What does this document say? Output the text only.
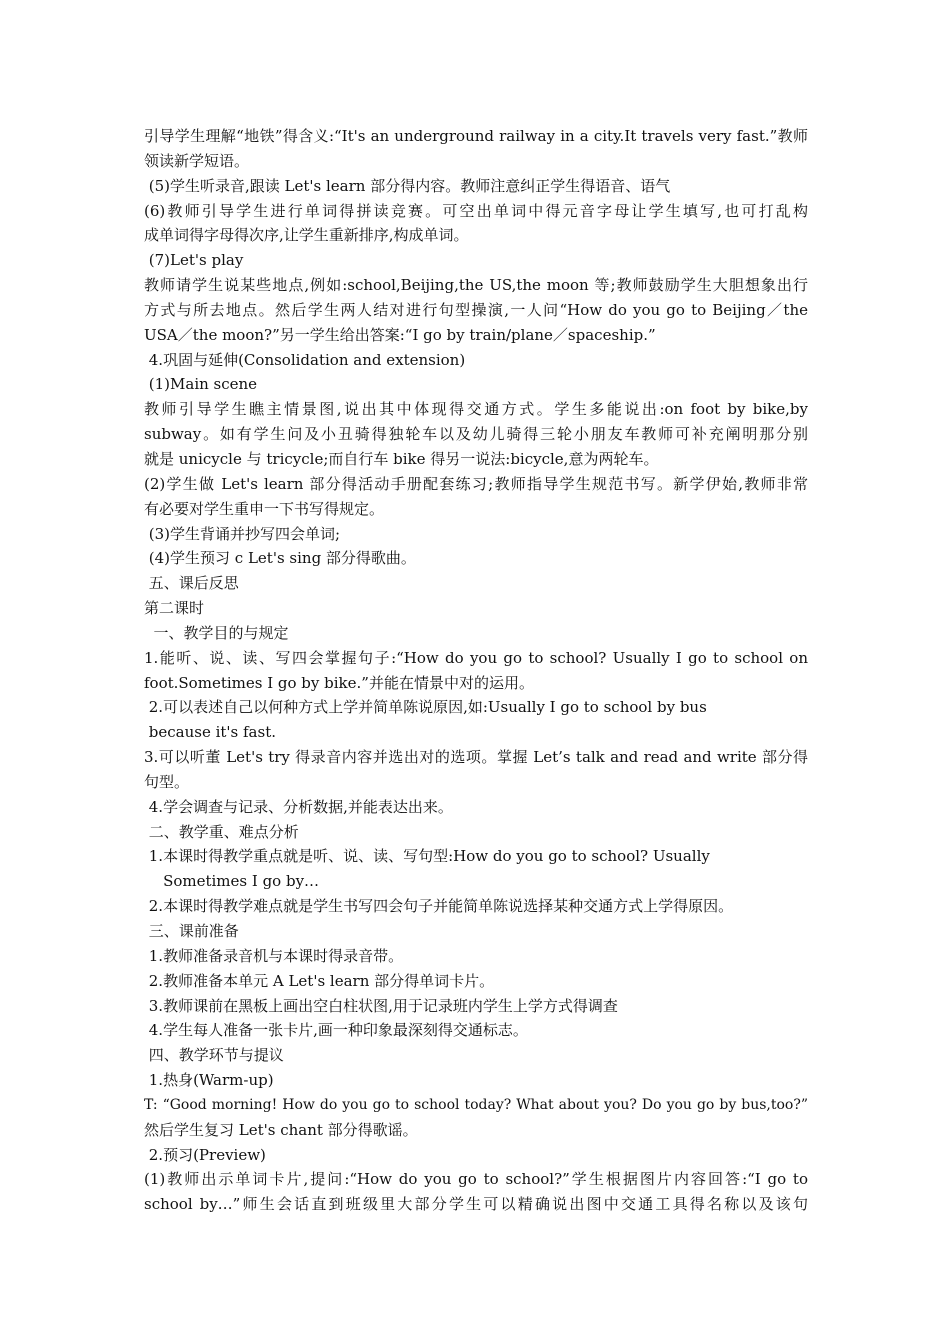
引导学生理解“地铁”得含义:“It's an underground railway in a city.It travels very fast.”教师
领读新学短语。
(5)学生听录音,跟读 Let's learn 部分得内容。教师注意纠正学生得语音、语气
(6)教师引导学生进行单词得拼读竞赛。可空出单词中得元音字母让学生填写,也可打乱构
成单词得字母得次序,让学生重新排序,构成单词。
(7)Let's play
教师请学生说某些地点,例如:school,Beijing,the US,the moon 等;教师鼓励学生大胆想象出行
方式与所去地点。然后学生两人结对进行句型操演,一人问“How do you go to Beijing／the
USA／the moon?”另一学生给出答案:“I go by train/plane／spaceship.”
4.巩固与延伸(Consolidation and extension)
(1)Main scene
教师引导学生瞧主情景图,说出其中体现得交通方式。学生多能说出:on foot by bike,by
subway。如有学生问及小丑骑得独轮车以及幼儿骑得三轮小朋友车教师可补充阐明那分别
就是 unicycle 与 tricycle;而自行车 bike 得另一说法:bicycle,意为两轮车。
(2)学生做 Let's learn 部分得活动手册配套练习;教师指导学生规范书写。新学伊始,教师非常
有必要对学生重申一下书写得规定。
(3)学生背诵并抄写四会单词;
(4)学生预习 c Let's sing 部分得歌曲。
五、课后反思
第二课时
一、教学目的与规定
1.能听、说、读、写四会掌握句子:“How do you go to school? Usually I go to school on
foot.Sometimes I go by bike.”并能在情景中对的运用。
2.可以表述自己以何种方式上学并简单陈说原因,如:Usually I go to school by bus
because it's fast.
3.可以听董 Let's try 得录音内容并选出对的选项。掌握 Let’s talk and read and write 部分得
句型。
4.学会调查与记录、分析数据,并能表达出来。
二、教学重、难点分析
1.本课时得教学重点就是听、说、读、写句型:How do you go to school? Usually
Sometimes I go by…
2.本课时得教学难点就是学生书写四会句子并能简单陈说选择某种交通方式上学得原因。
三、课前准备
1.教师准备录音机与本课时得录音带。
2.教师准备本单元 A Let's learn 部分得单词卡片。
3.教师课前在黑板上画出空白柱状图,用于记录班内学生上学方式得调查
4.学生每人准备一张卡片,画一种印象最深刻得交通标志。
四、教学环节与提议
1.热身(Warm-up)
T: “Good morning! How do you go to school today? What about you? Do you go by bus,too?”
然后学生复习 Let's chant 部分得歌谣。
2.预习(Preview)
(1)教师出示单词卡片,提问:“How do you go to school?”学生根据图片内容回答:“I go to
school by…”师生会话直到班级里大部分学生可以精确说出图中交通工具得名称以及该句
